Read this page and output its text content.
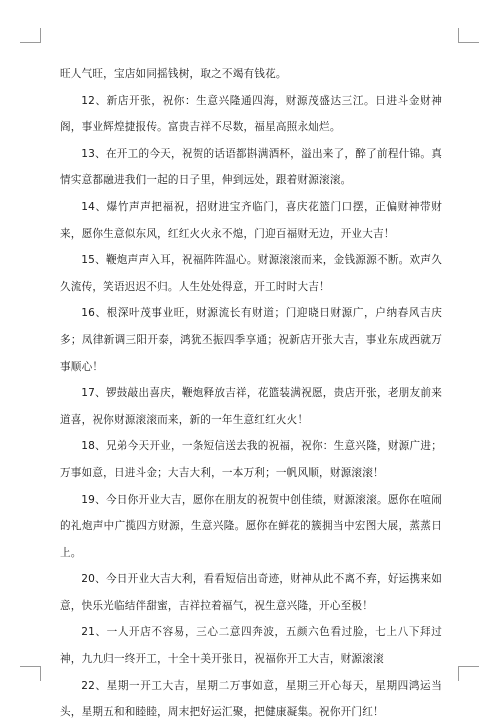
旺人气旺，宝店如同摇钱树，取之不竭有钱花。

12、新店开张，祝你：生意兴隆通四海，财源茂盛达三江。日进斗金财神阁，事业辉煌捷报传。富贵吉祥不尽数，福星高照永灿烂。

13、在开工的今天，祝贺的话语都斟满酒杯，溢出来了，醉了前程什锦。真情实意都融进我们一起的日子里，伸到远处，跟着财源滚滚。

14、爆竹声声把福祝，招财进宝齐临门，喜庆花篮门口摆，正偏财神带财来，愿你生意似东风，红红火火永不熄，门迎百福财无边，开业大吉！

15、鞭炮声声入耳，祝福阵阵温心。财源滚滚而来，金钱源源不断。欢声久久流传，笑语迟迟不归。人生处处得意，开工时时大吉！

16、根深叶茂事业旺，财源流长有财道；门迎晓日财源广，户纳春风吉庆多；凤律新调三阳开泰，鸿犹丕振四季享通；祝新店开张大吉，事业东成西就万事顺心！

17、锣鼓敲出喜庆，鞭炮释放吉祥，花篮装满祝愿，贵店开张，老朋友前来道喜，祝你财源滚滚而来，新的一年生意红红火火！

18、兄弟今天开业，一条短信送去我的祝福，祝你：生意兴隆，财源广进；万事如意，日进斗金；大吉大利，一本万利；一帆风顺，财源滚滚！

19、今日你开业大吉，愿你在朋友的祝贺中创佳绩，财源滚滚。愿你在喧闹的礼炮声中广揽四方财源，生意兴隆。愿你在鲜花的簇拥当中宏图大展，蒸蒸日上。

20、今日开业大吉大利，看看短信出奇迹，财神从此不离不弃，好运携来如意，快乐光临结伴甜蜜，吉祥拉着福气，祝生意兴隆，开心至极！

21、一人开店不容易，三心二意四奔波，五颜六色看过脸，七上八下拜过神，九九归一终开工，十全十美开张日，祝福你开工大吉，财源滚滚

22、星期一开工大吉，星期二万事如意，星期三开心每天，星期四鸿运当头，星期五和和睦睦，周末把好运汇聚，把健康凝集。祝你开门红！
